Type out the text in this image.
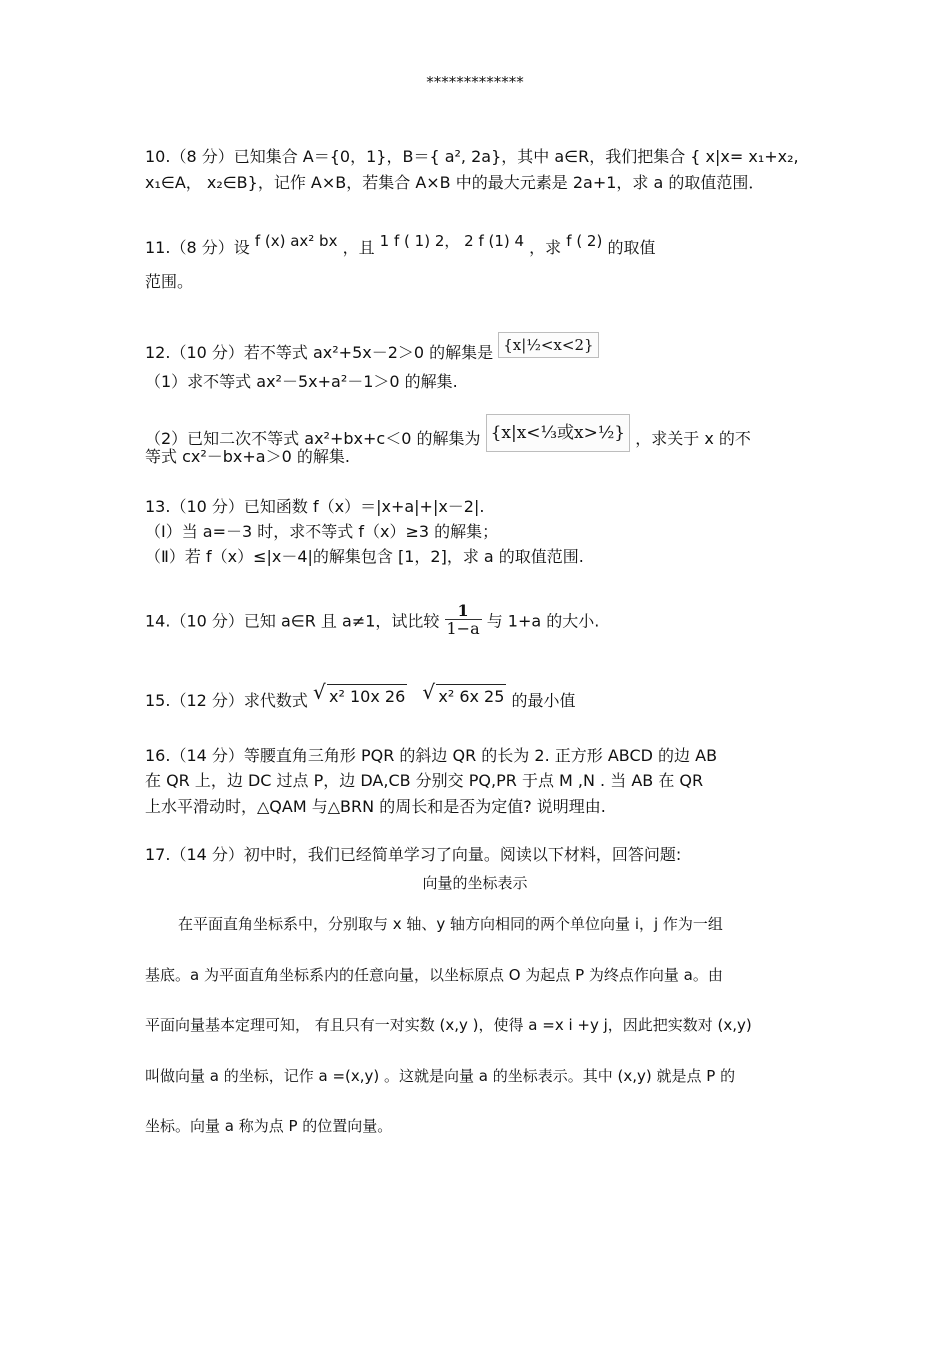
*************
10.（8 分）已知集合 A＝{0，1}，B＝{ a², 2a}，其中 a∈R，我们把集合 { x|x= x₁+x₂,
x₁∈A， x₂∈B}，记作 A×B，若集合 A×B 中的最大元素是 2a+1，求 a 的取值范围．
11.（8 分）设 f (x) ax² bx ，且 1 f ( 1) 2， 2 f (1) 4 ，求 f ( 2) 的取值
范围。
12.（10 分）若不等式 ax²+5x－2＞0 的解集是 {x|½<x<2}
（1）求不等式 ax²－5x+a²－1＞0 的解集.
（2）已知二次不等式 ax²+bx+c＜0 的解集为 {x|x<⅓或x>½} ，求关于 x 的不
等式 cx²－bx+a＞0 的解集.
13.（10 分）已知函数 f（x）＝|x+a|+|x－2|.
（Ⅰ）当 a=－3 时，求不等式 f（x）≥3 的解集；
（Ⅱ）若 f（x）≤|x－4|的解集包含 [1，2]，求 a 的取值范围.
14.（10 分）已知 a∈R 且 a≠1，试比较 $\frac{1}{1-a}$ 与 1+a 的大小.
15.（12 分）求代数式 √ x² 10x 26 √ x² 6x 25 的最小值
16.（14 分）等腰直角三角形 PQR 的斜边 QR 的长为 2. 正方形 ABCD 的边 AB
在 QR 上，边 DC 过点 P，边 DA,CB 分别交 PQ,PR 于点 M ,N . 当 AB 在 QR
上水平滑动时，△QAM 与△BRN 的周长和是否为定值? 说明理由.
17.（14 分）初中时，我们已经简单学习了向量。阅读以下材料，回答问题:
向量的坐标表示
在平面直角坐标系中，分别取与 x 轴、y 轴方向相同的两个单位向量 i，j 作为一组
基底。a 为平面直角坐标系内的任意向量，以坐标原点 O 为起点 P 为终点作向量 a。由
平面向量基本定理可知， 有且只有一对实数 (x,y )，使得 a =x i +y j，因此把实数对 (x,y)
叫做向量 a 的坐标，记作 a =(x,y) 。这就是向量 a 的坐标表示。其中 (x,y) 就是点 P 的
坐标。向量 a 称为点 P 的位置向量。
